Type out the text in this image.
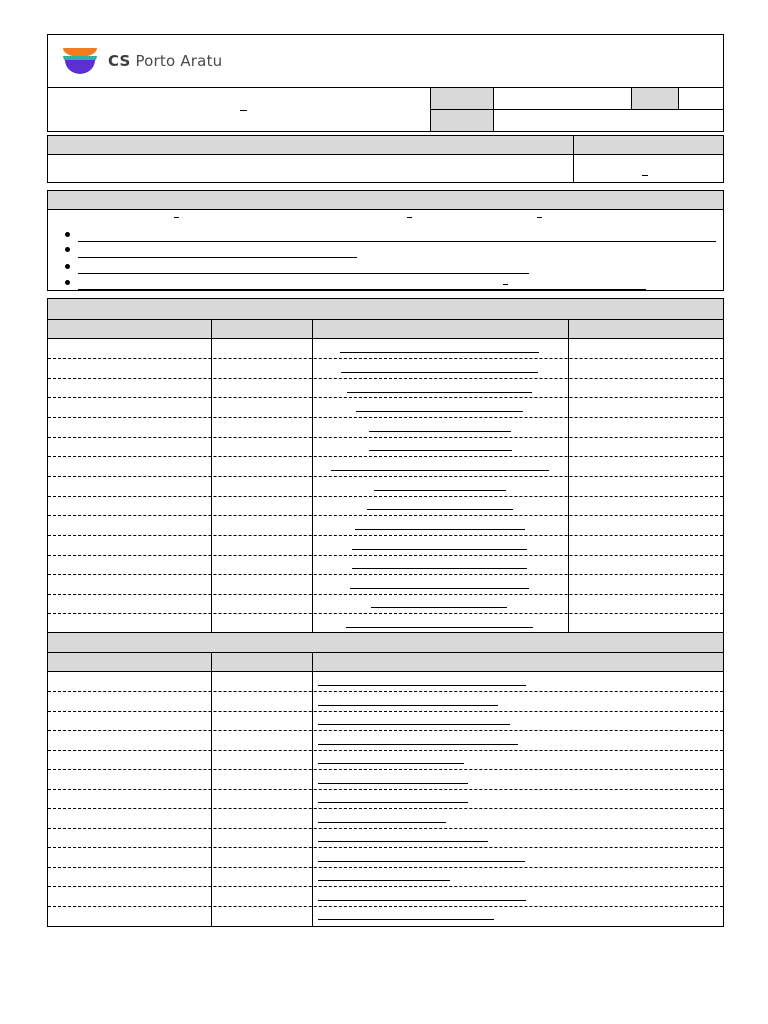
CS Porto Aratu
